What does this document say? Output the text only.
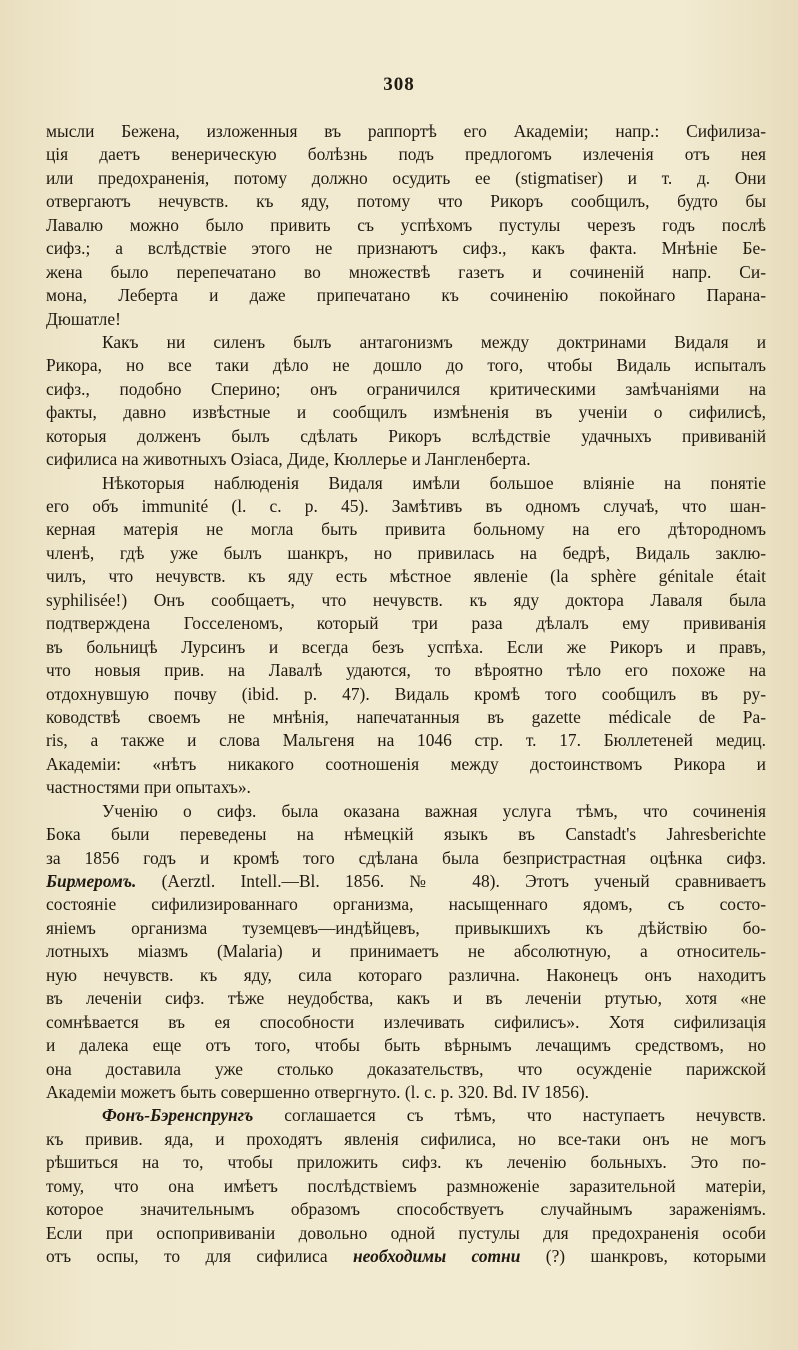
308
мысли Бежена, изложенныя въ раппортѣ его Академіи; напр.: Сифилиза-
ція даетъ венерическую болѣзнь подъ предлогомъ излеченія отъ нея
или предохраненія, потому должно осудить ее (stigmatiser) и т. д. Они
отвергаютъ нечувств. къ яду, потому что Рикоръ сообщилъ, будто бы
Лавалю можно было привить съ успѣхомъ пустулы черезъ годъ послѣ
сифз.; а вслѣдствіе этого не признаютъ сифз., какъ факта. Мнѣніе Бе-
жена было перепечатано во множествѣ газетъ и сочиненій напр. Си-
мона, Леберта и даже припечатано къ сочиненію покойнаго Парана-
Дюшатле!
Какъ ни силенъ былъ антагонизмъ между доктринами Видаля и
Рикора, но все таки дѣло не дошло до того, чтобы Видаль испыталъ
сифз., подобно Сперино; онъ ограничился критическими замѣчаніями на
факты, давно извѣстные и сообщилъ измѣненія въ ученіи о сифилисѣ,
которыя долженъ былъ сдѣлать Рикоръ вслѣдствіе удачныхъ прививаній
сифилиса на животныхъ Озіаса, Диде, Кюллерье и Лангленберта.
Нѣкоторыя наблюденія Видаля имѣли большое вліяніе на понятіе
его объ immunité (l. c. p. 45). Замѣтивъ въ одномъ случаѣ, что шан-
керная матерія не могла быть привита больному на его дѣтородномъ
членѣ, гдѣ уже былъ шанкръ, но привилась на бедрѣ, Видаль заклю-
чилъ, что нечувств. къ яду есть мѣстное явленіе (la sphère génitale était
syphilisée!) Онъ сообщаетъ, что нечувств. къ яду доктора Лаваля была
подтверждена Госселеномъ, который три раза дѣлалъ ему прививанія
въ больницѣ Лурсинъ и всегда безъ успѣха. Если же Рикоръ и правъ,
что новыя прив. на Лавалѣ удаются, то вѣроятно тѣло его похоже на
отдохнувшую почву (ibid. p. 47). Видаль кромѣ того сообщилъ въ ру-
ководствѣ своемъ не мнѣнія, напечатанныя въ gazette médicale de Pa-
ris, а также и слова Мальгеня на 1046 стр. т. 17. Бюллетеней медиц.
Академіи: «нѣтъ никакого соотношенія между достоинствомъ Рикора и
частностями при опытахъ».
Ученію о сифз. была оказана важная услуга тѣмъ, что сочиненія
Бока были переведены на нѣмецкій языкъ въ Canstadt's Jahresberichte
за 1856 годъ и кромѣ того сдѣлана была безпристрастная оцѣнка сифз.
Бирмеромъ. (Aerztl. Intell.—Bl. 1856. № 48). Этотъ ученый сравниваетъ
состояніе сифилизированнаго организма, насыщеннаго ядомъ, съ состо-
яніемъ организма туземцевъ—индѣйцевъ, привыкшихъ къ дѣйствію бо-
лотныхъ міазмъ (Malaria) и принимаетъ не абсолютную, а относитель-
ную нечувств. къ яду, сила котораго различна. Наконецъ онъ находитъ
въ леченіи сифз. тѣже неудобства, какъ и въ леченіи ртутью, хотя «не
сомнѣвается въ ея способности излечивать сифилисъ». Хотя сифилизація
и далека еще отъ того, чтобы быть вѣрнымъ лечащимъ средствомъ, но
она доставила уже столько доказательствъ, что осужденіе парижской
Академіи можетъ быть совершенно отвергнуто. (l. c. p. 320. Bd. IV 1856).
Фонъ-Бэренспрунгъ соглашается съ тѣмъ, что наступаетъ нечувств.
къ привив. яда, и проходятъ явленія сифилиса, но все-таки онъ не могъ
рѣшиться на то, чтобы приложить сифз. къ леченію больныхъ. Это по-
тому, что она имѣетъ послѣдствіемъ размноженіе заразительной матеріи,
которое значительнымъ образомъ способствуетъ случайнымъ зараженіямъ.
Если при оспопрививаніи довольно одной пустулы для предохраненія особи
отъ оспы, то для сифилиса необходимы сотни (?) шанкровъ, которыми
